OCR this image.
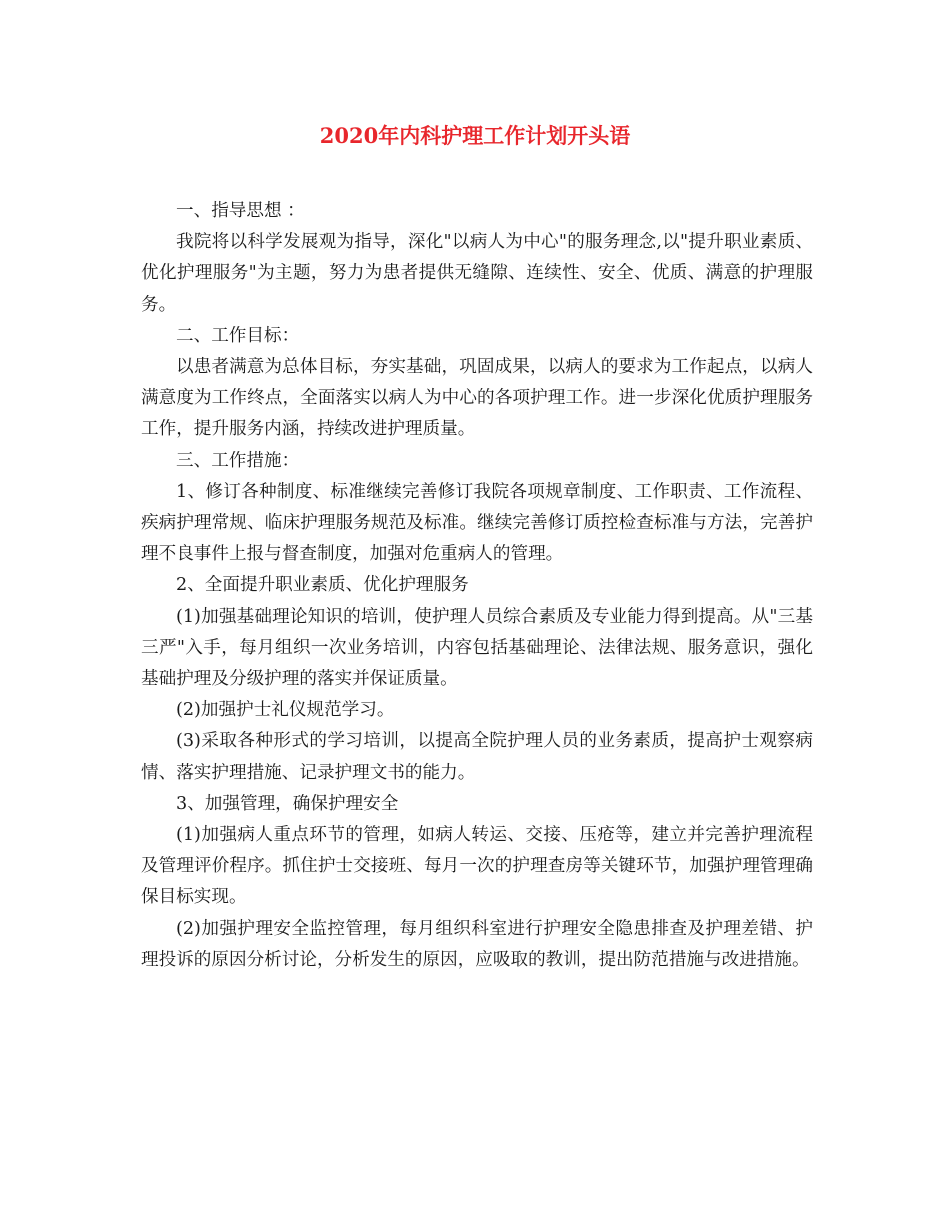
2020年内科护理工作计划开头语

一、指导思想 ：

我院将以科学发展观为指导，深化"以病人为中心"的服务理念,以"提升职业素质、优化护理服务"为主题，努力为患者提供无缝隙、连续性、安全、优质、满意的护理服务。

二、工作目标：

以患者满意为总体目标，夯实基础，巩固成果，以病人的要求为工作起点，以病人满意度为工作终点，全面落实以病人为中心的各项护理工作。进一步深化优质护理服务工作，提升服务内涵，持续改进护理质量。

三、工作措施：

1、修订各种制度、标准继续完善修订我院各项规章制度、工作职责、工作流程、疾病护理常规、临床护理服务规范及标准。继续完善修订质控检查标准与方法，完善护理不良事件上报与督查制度，加强对危重病人的管理。

2、全面提升职业素质、优化护理服务

(1)加强基础理论知识的培训，使护理人员综合素质及专业能力得到提高。从"三基三严"入手，每月组织一次业务培训，内容包括基础理论、法律法规、服务意识，强化基础护理及分级护理的落实并保证质量。

(2)加强护士礼仪规范学习。

(3)采取各种形式的学习培训，以提高全院护理人员的业务素质，提高护士观察病情、落实护理措施、记录护理文书的能力。

3、加强管理，确保护理安全

(1)加强病人重点环节的管理，如病人转运、交接、压疮等，建立并完善护理流程及管理评价程序。抓住护士交接班、每月一次的护理查房等关键环节，加强护理管理确保目标实现。

(2)加强护理安全监控管理，每月组织科室进行护理安全隐患排查及护理差错、护理投诉的原因分析讨论，分析发生的原因，应吸取的教训，提出防范措施与改进措施。
